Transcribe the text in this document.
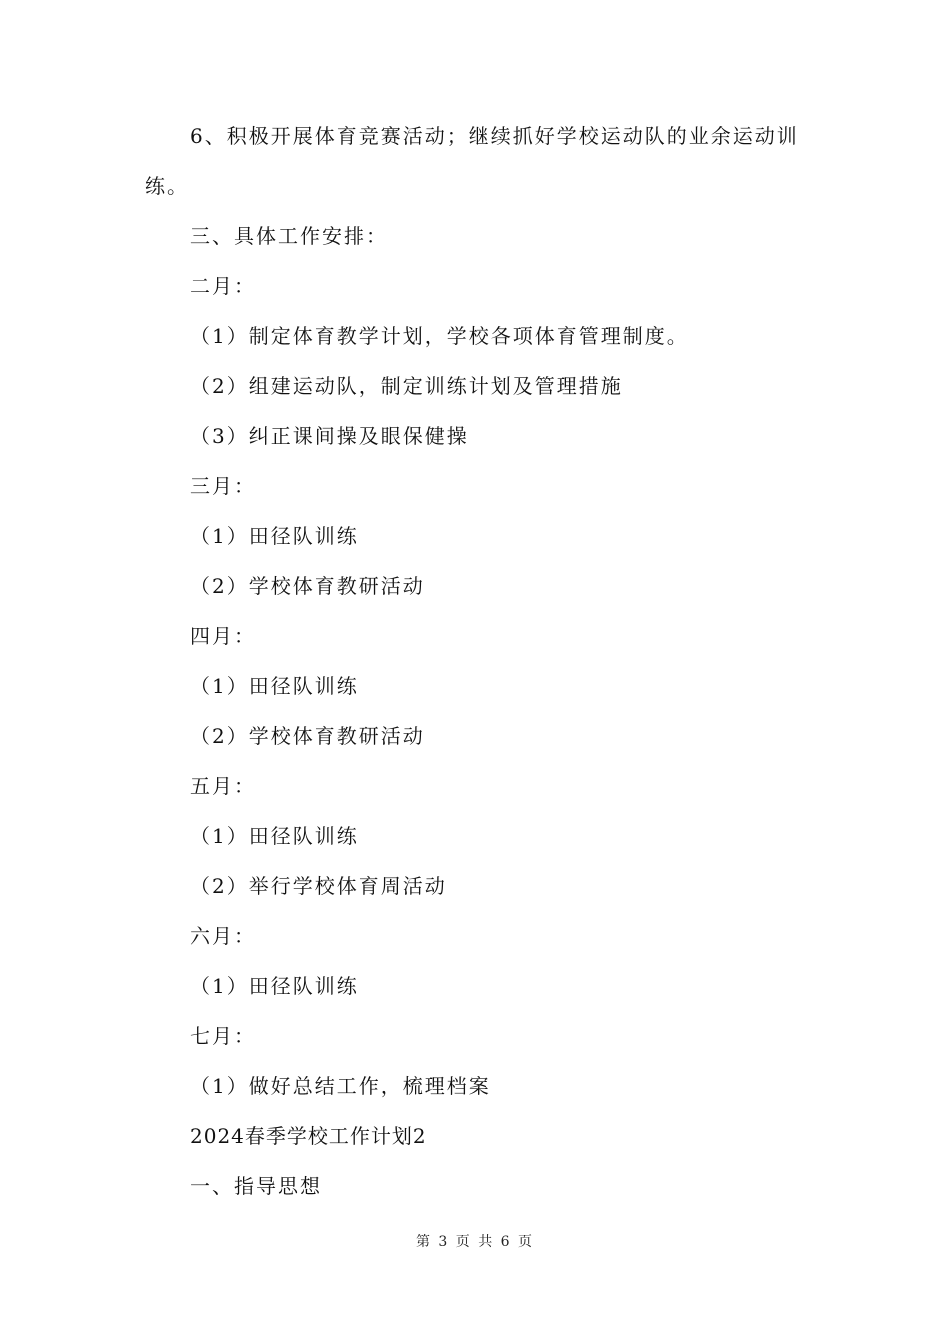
6、积极开展体育竞赛活动；继续抓好学校运动队的业余运动训
练。
三、具体工作安排：
二月：
（1）制定体育教学计划，学校各项体育管理制度。
（2）组建运动队，制定训练计划及管理措施
（3）纠正课间操及眼保健操
三月：
（1）田径队训练
（2）学校体育教研活动
四月：
（1）田径队训练
（2）学校体育教研活动
五月：
（1）田径队训练
（2）举行学校体育周活动
六月：
（1）田径队训练
七月：
（1）做好总结工作，梳理档案
2024春季学校工作计划2
一、指导思想
第 3 页 共 6 页
